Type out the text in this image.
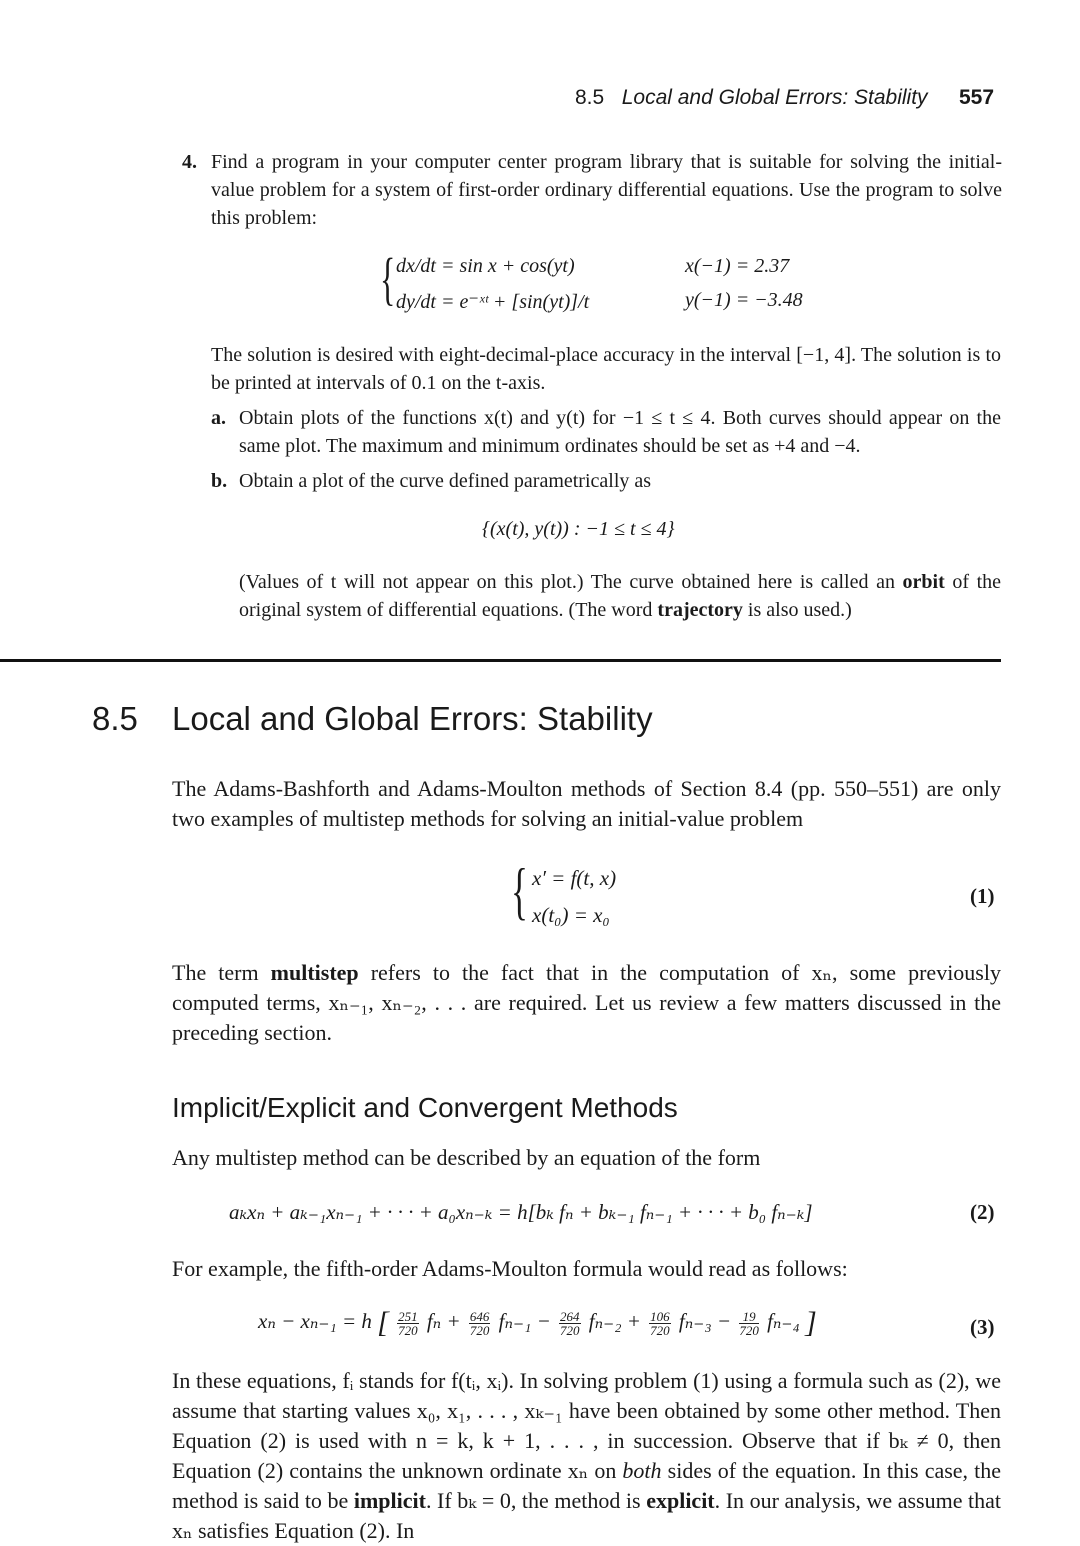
8.5 Local and Global Errors: Stability 557
4. Find a program in your computer center program library that is suitable for solving the initial-value problem for a system of first-order ordinary differential equations. Use the program to solve this problem:
{ dx/dt = sin x + cos(yt)	x(−1) = 2.37
dy/dt = e⁻ˣᵗ + [sin(yt)]/t	y(−1) = −3.48
The solution is desired with eight-decimal-place accuracy in the interval [−1, 4]. The solution is to be printed at intervals of 0.1 on the t-axis.
a. Obtain plots of the functions x(t) and y(t) for −1 ≤ t ≤ 4. Both curves should appear on the same plot. The maximum and minimum ordinates should be set as +4 and −4.
b. Obtain a plot of the curve defined parametrically as
{(x(t), y(t)) : −1 ≤ t ≤ 4}
(Values of t will not appear on this plot.) The curve obtained here is called an orbit of the original system of differential equations. (The word trajectory is also used.)
8.5 Local and Global Errors: Stability
The Adams-Bashforth and Adams-Moulton methods of Section 8.4 (pp. 550–551) are only two examples of multistep methods for solving an initial-value problem
{ x′ = f(t, x)
x(t₀) = x₀
(1)
The term multistep refers to the fact that in the computation of xₙ, some previously computed terms, xₙ₋₁, xₙ₋₂, . . . are required. Let us review a few matters discussed in the preceding section.
Implicit/Explicit and Convergent Methods
Any multistep method can be described by an equation of the form
aₖxₙ + aₖ₋₁xₙ₋₁ + · · · + a₀xₙ₋ₖ = h[bₖ fₙ + bₖ₋₁ fₙ₋₁ + · · · + b₀ fₙ₋ₖ]	(2)
For example, the fifth-order Adams-Moulton formula would read as follows:
xₙ − xₙ₋₁ = h [ $\frac{251}{720}$ $f_n + \frac{646}{720} f_{n-1} - \frac{264}{720} f_{n-2} + \frac{106}{720} f_{n-3} - \frac{19}{720} f_{n-4}$ ]	(3)
In these equations, fᵢ stands for f(tᵢ, xᵢ). In solving problem (1) using a formula such as (2), we assume that starting values x₀, x₁, . . . , xₖ₋₁ have been obtained by some other method. Then Equation (2) is used with n = k, k + 1, . . . , in succession. Observe that if bₖ ≠ 0, then Equation (2) contains the unknown ordinate xₙ on both sides of the equation. In this case, the method is said to be implicit. If bₖ = 0, the method is explicit. In our analysis, we assume that xₙ satisfies Equation (2). In
